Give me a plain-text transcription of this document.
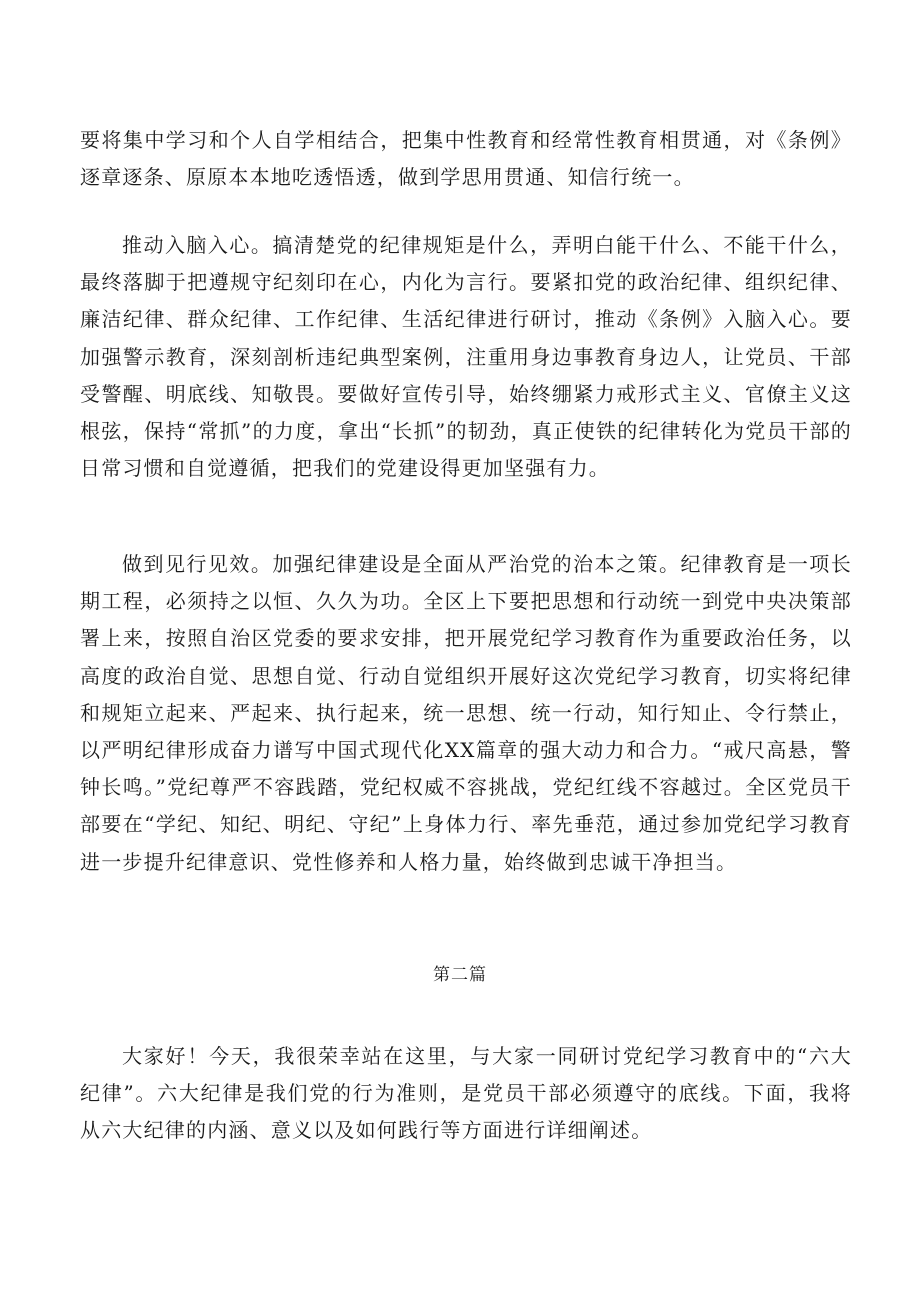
要将集中学习和个人自学相结合，把集中性教育和经常性教育相贯通，对《条例》逐章逐条、原原本本地吃透悟透，做到学思用贯通、知信行统一。

推动入脑入心。搞清楚党的纪律规矩是什么，弄明白能干什么、不能干什么，最终落脚于把遵规守纪刻印在心，内化为言行。要紧扣党的政治纪律、组织纪律、廉洁纪律、群众纪律、工作纪律、生活纪律进行研讨，推动《条例》入脑入心。要加强警示教育，深刻剖析违纪典型案例，注重用身边事教育身边人，让党员、干部受警醒、明底线、知敬畏。要做好宣传引导，始终绷紧力戒形式主义、官僚主义这根弦，保持“常抓”的力度，拿出“长抓”的韧劲，真正使铁的纪律转化为党员干部的日常习惯和自觉遵循，把我们的党建设得更加坚强有力。

做到见行见效。加强纪律建设是全面从严治党的治本之策。纪律教育是一项长期工程，必须持之以恒、久久为功。全区上下要把思想和行动统一到党中央决策部署上来，按照自治区党委的要求安排，把开展党纪学习教育作为重要政治任务，以高度的政治自觉、思想自觉、行动自觉组织开展好这次党纪学习教育，切实将纪律和规矩立起来、严起来、执行起来，统一思想、统一行动，知行知止、令行禁止，以严明纪律形成奋力谱写中国式现代化XX篇章的强大动力和合力。“戒尺高悬，警钟长鸣。”党纪尊严不容践踏，党纪权威不容挑战，党纪红线不容越过。全区党员干部要在“学纪、知纪、明纪、守纪”上身体力行、率先垂范，通过参加党纪学习教育进一步提升纪律意识、党性修养和人格力量，始终做到忠诚干净担当。

第二篇

大家好！今天，我很荣幸站在这里，与大家一同研讨党纪学习教育中的“六大纪律”。六大纪律是我们党的行为准则，是党员干部必须遵守的底线。下面，我将从六大纪律的内涵、意义以及如何践行等方面进行详细阐述。
